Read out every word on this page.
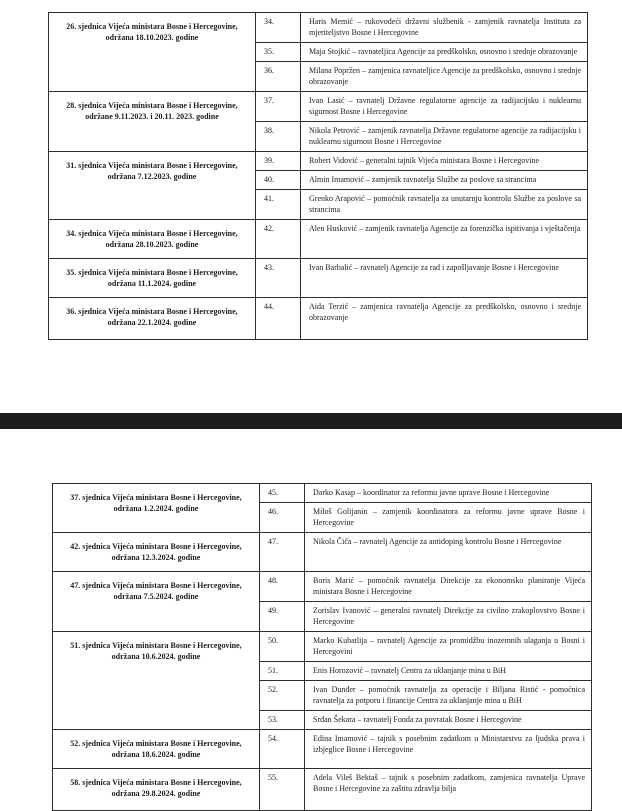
26. sjednica Vijeća ministara Bosne i Hercegovine,
održana 18.10.2023. godine	34.	Haris Memić – rukovodeći državni službenik - zamjenik ravnatelja Instituta za mjeriteljstvo Bosne i Hercegovine
	35.	Maja Stojkić – ravnateljica Agencije za predškolsko, osnovno i srednje obrazovanje
	36.	Milana Popržen – zamjenica ravnateljice Agencije za predškolsko, osnovno i srednje obrazovanje

28. sjednica Vijeća ministara Bosne i Hercegovine,
održane 9.11.2023. i 20.11. 2023. godine	37.	Ivan Lasić – ravnatelj Državne regulatorne agencije za radijacijsku i nuklearnu sigurnost Bosne i Hercegovine
	38.	Nikola Petrović – zamjenik ravnatelja Državne regulatorne agencije za radijacijsku i nuklearnu sigurnost Bosne i Hercegovine

31. sjednica Vijeća ministara Bosne i Hercegovine,
održana 7.12.2023. godine	39.	Robert Vidović – generalni tajnik Vijeća ministara Bosne i Hercegovine
	40.	Almin Imamović – zamjenik ravnatelja Službe za poslove sa strancima
	41.	Grenko Arapović – pomoćnik ravnatelja za unutarnju kontrolu Službe za poslove sa strancima

34. sjednica Vijeća ministara Bosne i Hercegovine,
održana 28.10.2023. godine	42.	Alen Husković – zamjenik ravnatelja Agencije za forenzička ispitivanja i vještačenja

35. sjednica Vijeća ministara Bosne i Hercegovine,
održana 11.1.2024. godine	43.	Ivan Barbalić – ravnatelj Agencije za rad i zapošljavanje Bosne i Hercegovine

36. sjednica Vijeća ministara Bosne i Hercegovine,
održana 22.1.2024. godine	44.	Aida Terzić – zamjenica ravnatelja Agencije za predškolsko, osnovno i srednje obrazovanje
37. sjednica Vijeća ministara Bosne i Hercegovine,
održana 1.2.2024. godine	45.	Darko Kasap – koordinator za reformu javne uprave Bosne i Hercegovine
	46.	Miloš Golijanin – zamjenik koordinatora za reformu javne uprave Bosne i Hercegovine

42. sjednica Vijeća ministara Bosne i Hercegovine,
održana 12.3.2024. godine	47.	Nikola Čiča – ravnatelj Agencije za antidoping kontrolu Bosne i Hercegovine

47. sjednica Vijeća ministara Bosne i Hercegovine,
održana 7.5.2024. godine	48.	Boris Marić – pomoćnik ravnatelja Direkcije za ekonomsko planiranje Vijeća ministara Bosne i Hercegovine
	49.	Zorislav Ivanović – generalni ravnatelj Direkcije za civilno zrakoplovstvo Bosne i Hercegovine

51. sjednica Vijeća ministara Bosne i Hercegovine,
održana 10.6.2024. godine	50.	Marko Kubatlija – ravnatelj Agencije za promidžbu inozemnih ulaganja u Bosni i Hercegovini
	51.	Enis Horozović – ravnatelj Centra za uklanjanje mina u BiH
	52.	Ivan Dunđer – pomoćnik ravnatelja za operacije i Biljana Ristić - pomoćnica ravnatelja za potporu i financije Centra za uklanjanje mina u BiH
	53.	Srđan Šekara – ravnatelj Fonda za povratak Bosne i Hercegovine

52. sjednica Vijeća ministara Bosne i Hercegovine,
održana 18.6.2024. godine	54.	Edina Imamović – tajnik s posebnim zadatkom u Ministarstvu za ljudska prava i izbjeglice Bosne i Hercegovine

58. sjednica Vijeća ministara Bosne i Hercegovine,
održana 29.8.2024. godine	55.	Adela Vileš Bektaš – tajnik s posebnim zadatkom, zamjenica ravnatelja Uprave Bosne i Hercegovine za zaštitu zdravlja bilja
